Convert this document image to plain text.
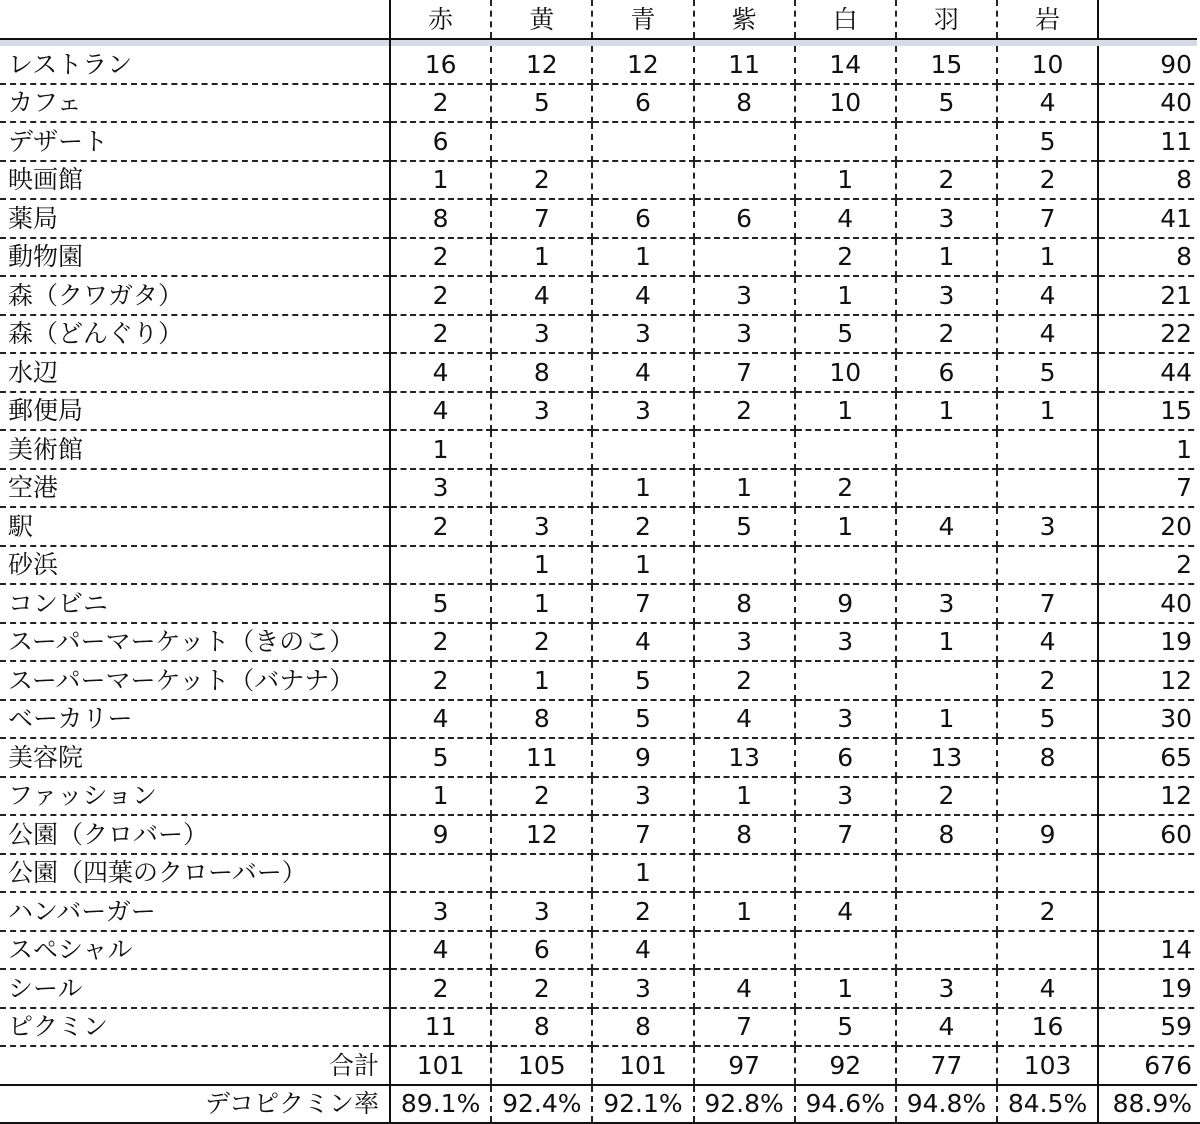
	赤	黄	青	紫	白	羽	岩	

レストラン	16	12	12	11	14	15	10	90
カフェ	2	5	6	8	10	5	4	40
デザート	6						5	11
映画館	1	2			1	2	2	8
薬局	8	7	6	6	4	3	7	41
動物園	2	1	1		2	1	1	8
森（クワガタ）	2	4	4	3	1	3	4	21
森（どんぐり）	2	3	3	3	5	2	4	22
水辺	4	8	4	7	10	6	5	44
郵便局	4	3	3	2	1	1	1	15
美術館	1							1
空港	3		1	1	2			7
駅	2	3	2	5	1	4	3	20
砂浜		1	1					2
コンビニ	5	1	7	8	9	3	7	40
スーパーマーケット（きのこ）	2	2	4	3	3	1	4	19
スーパーマーケット（バナナ）	2	1	5	2			2	12
ベーカリー	4	8	5	4	3	1	5	30
美容院	5	11	9	13	6	13	8	65
ファッション	1	2	3	1	3	2		12
公園（クロバー）	9	12	7	8	7	8	9	60
公園（四葉のクローバー）			1					
ハンバーガー	3	3	2	1	4		2	
スペシャル	4	6	4					14
シール	2	2	3	4	1	3	4	19
ピクミン	11	8	8	7	5	4	16	59
合計	101	105	101	97	92	77	103	676
デコピクミン率	89.1%	92.4%	92.1%	92.8%	94.6%	94.8%	84.5%	88.9%
